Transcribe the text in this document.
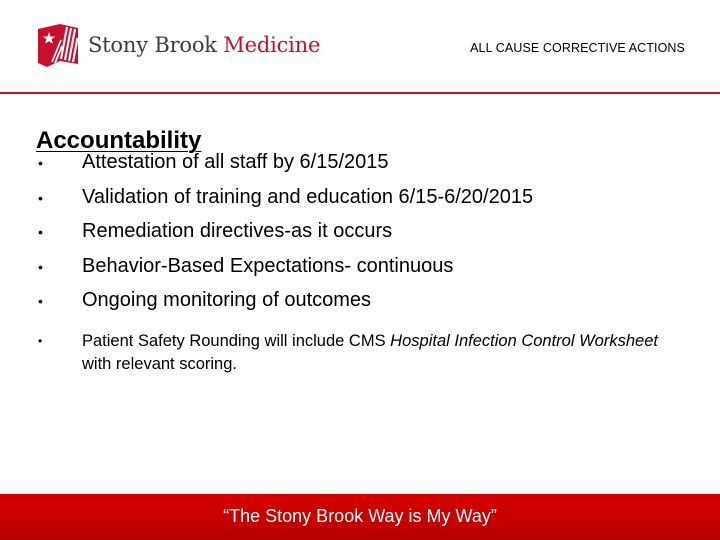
Stony Brook Medicine	ALL CAUSE CORRECTIVE ACTIONS
Accountability
•	Attestation of all staff by 6/15/2015
•	Validation of training and education 6/15-6/20/2015
•	Remediation directives-as it occurs
•	Behavior-Based Expectations- continuous
•	Ongoing monitoring of outcomes
•	Patient Safety Rounding will include CMS Hospital Infection Control Worksheet with relevant scoring.
“The Stony Brook Way is My Way”
